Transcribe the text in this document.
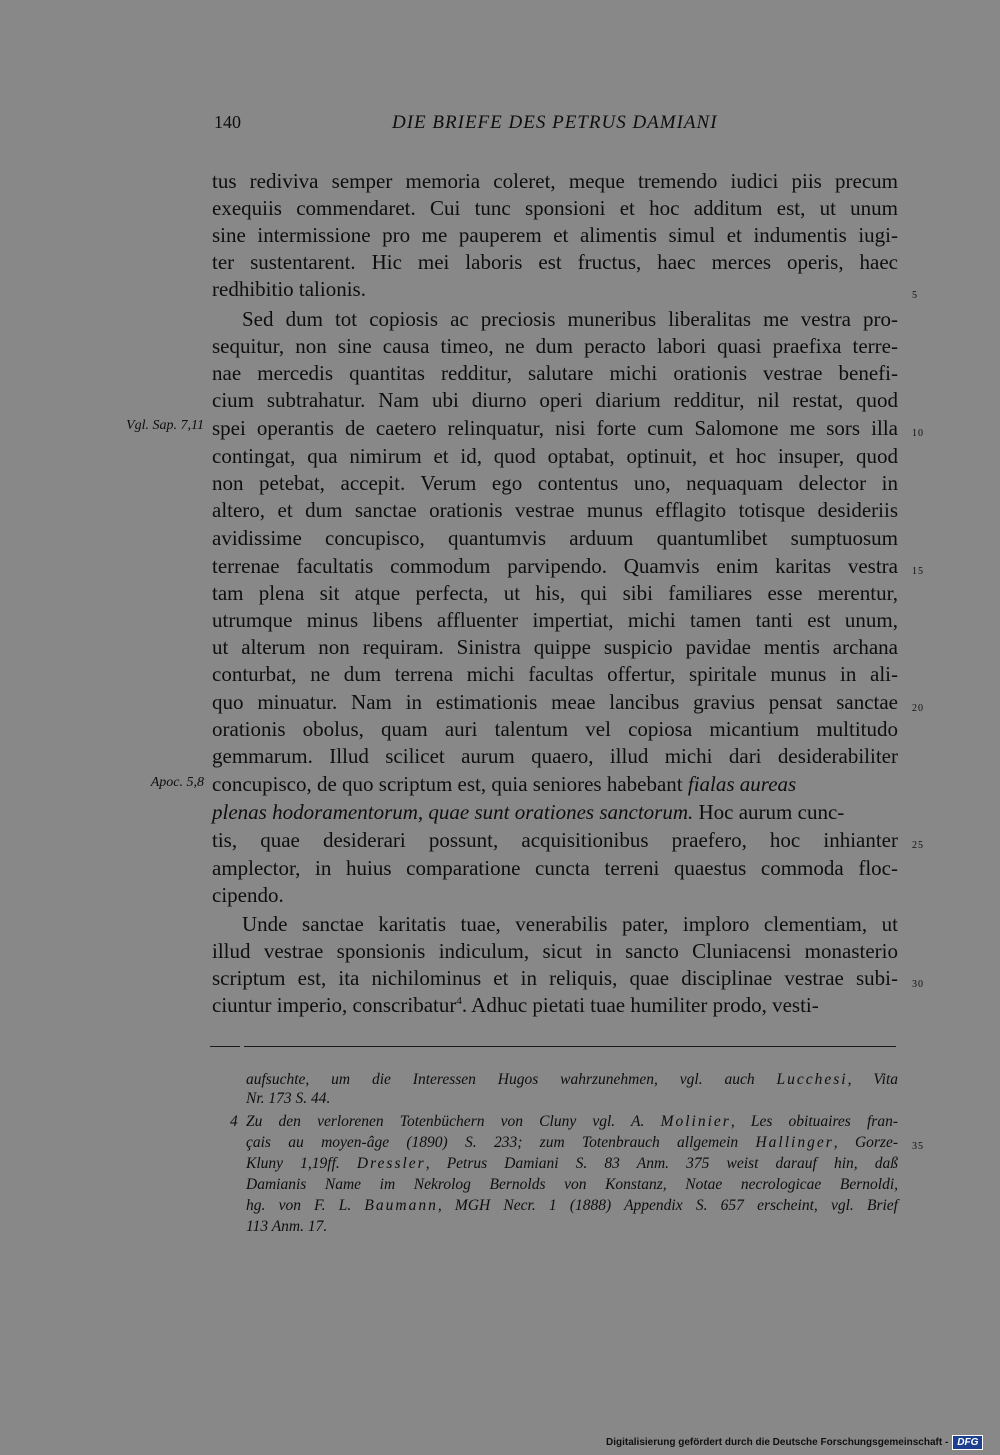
140	DIE BRIEFE DES PETRUS DAMIANI
tus rediviva semper memoria coleret, meque tremendo iudici piis precum
exequiis commendaret. Cui tunc sponsioni et hoc additum est, ut unum
sine intermissione pro me pauperem et alimentis simul et indumentis iugi-
ter sustentarent. Hic mei laboris est fructus, haec merces operis, haec
redhibitio talionis.
Sed dum tot copiosis ac preciosis muneribus liberalitas me vestra pro-
sequitur, non sine causa timeo, ne dum peracto labori quasi praefixa terre-
nae mercedis quantitas redditur, salutare michi orationis vestrae benefi-
cium subtrahatur. Nam ubi diurno operi diarium redditur, nil restat, quod
spei operantis de caetero relinquatur, nisi forte cum Salomone me sors illa
contingat, qua nimirum et id, quod optabat, optinuit, et hoc insuper, quod
non petebat, accepit. Verum ego contentus uno, nequaquam delector in
altero, et dum sanctae orationis vestrae munus efflagito totisque desideriis
avidissime concupisco, quantumvis arduum quantumlibet sumptuosum
terrenae facultatis commodum parvipendo. Quamvis enim karitas vestra
tam plena sit atque perfecta, ut his, qui sibi familiares esse merentur,
utrumque minus libens affluenter impertiat, michi tamen tanti est unum,
ut alterum non requiram. Sinistra quippe suspicio pavidae mentis archana
conturbat, ne dum terrena michi facultas offertur, spiritale munus in ali-
quo minuatur. Nam in estimationis meae lancibus gravius pensat sanctae
orationis obolus, quam auri talentum vel copiosa micantium multitudo
gemmarum. Illud scilicet aurum quaero, illud michi dari desiderabiliter
concupisco, de quo scriptum est, quia seniores habebant fialas aureas
plenas hodoramentorum, quae sunt orationes sanctorum. Hoc aurum cunc-
tis, quae desiderari possunt, acquisitionibus praefero, hoc inhianter
amplector, in huius comparatione cuncta terreni quaestus commoda floc-
cipendo.
Unde sanctae karitatis tuae, venerabilis pater, imploro clementiam, ut
illud vestrae sponsionis indiculum, sicut in sancto Cluniacensi monasterio
scriptum est, ita nichilominus et in reliquis, quae disciplinae vestrae subi-
ciuntur imperio, conscribatur$^4$. Adhuc pietati tuae humiliter prodo, vesti-
5
10
15
20
25
30
35
Vgl. Sap. 7,11
Apoc. 5,8
aufsuchte, um die Interessen Hugos wahrzunehmen, vgl. auch Lucchesi, Vita
Nr. 173 S. 44.
4 Zu den verlorenen Totenbüchern von Cluny vgl. A. Molinier, Les obituaires fran-
çais au moyen-âge (1890) S. 233; zum Totenbrauch allgemein Hallinger, Gorze-
Kluny 1,19ff. Dressler, Petrus Damiani S. 83 Anm. 375 weist darauf hin, daß
Damianis Name im Nekrolog Bernolds von Konstanz, Notae necrologicae Bernoldi,
hg. von F. L. Baumann, MGH Necr. 1 (1888) Appendix S. 657 erscheint, vgl. Brief
113 Anm. 17.
Digitalisierung gefördert durch die Deutsche Forschungsgemeinschaft - DFG
